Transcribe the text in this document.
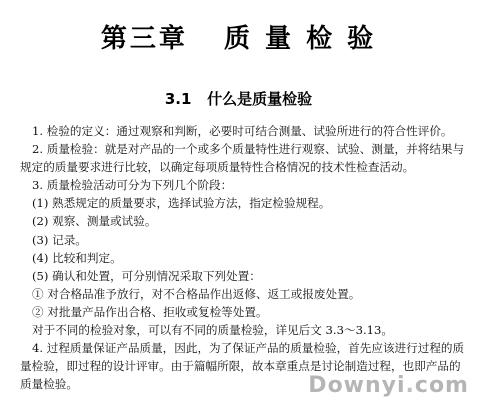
第三章   质 量 检 验
3.1   什么是质量检验

1. 检验的定义：通过观察和判断，必要时可结合测量、试验所进行的符合性评价。

2. 质量检验：就是对产品的一个或多个质量特性进行观察、试验、测量，并将结果与规定的质量要求进行比较，以确定每项质量特性合格情况的技术性检查活动。

3. 质量检验活动可分为下列几个阶段：

(1) 熟悉规定的质量要求，选择试验方法，指定检验规程。

(2) 观察、测量或试验。

(3) 记录。

(4) 比较和判定。

(5) 确认和处置，可分别情况采取下列处置：

① 对合格品准予放行，对不合格品作出返修、返工或报废处置。

② 对批量产品作出合格、拒收或复检等处置。

对于不同的检验对象，可以有不同的质量检验，详见后文 3.3～3.13。

4. 过程质量保证产品质量，因此，为了保证产品的质量检验，首先应该进行过程的质量检验，即过程的设计评审。由于篇幅所限，故本章重点是讨论制造过程，也即产品的质量检验。	Downyi.com
